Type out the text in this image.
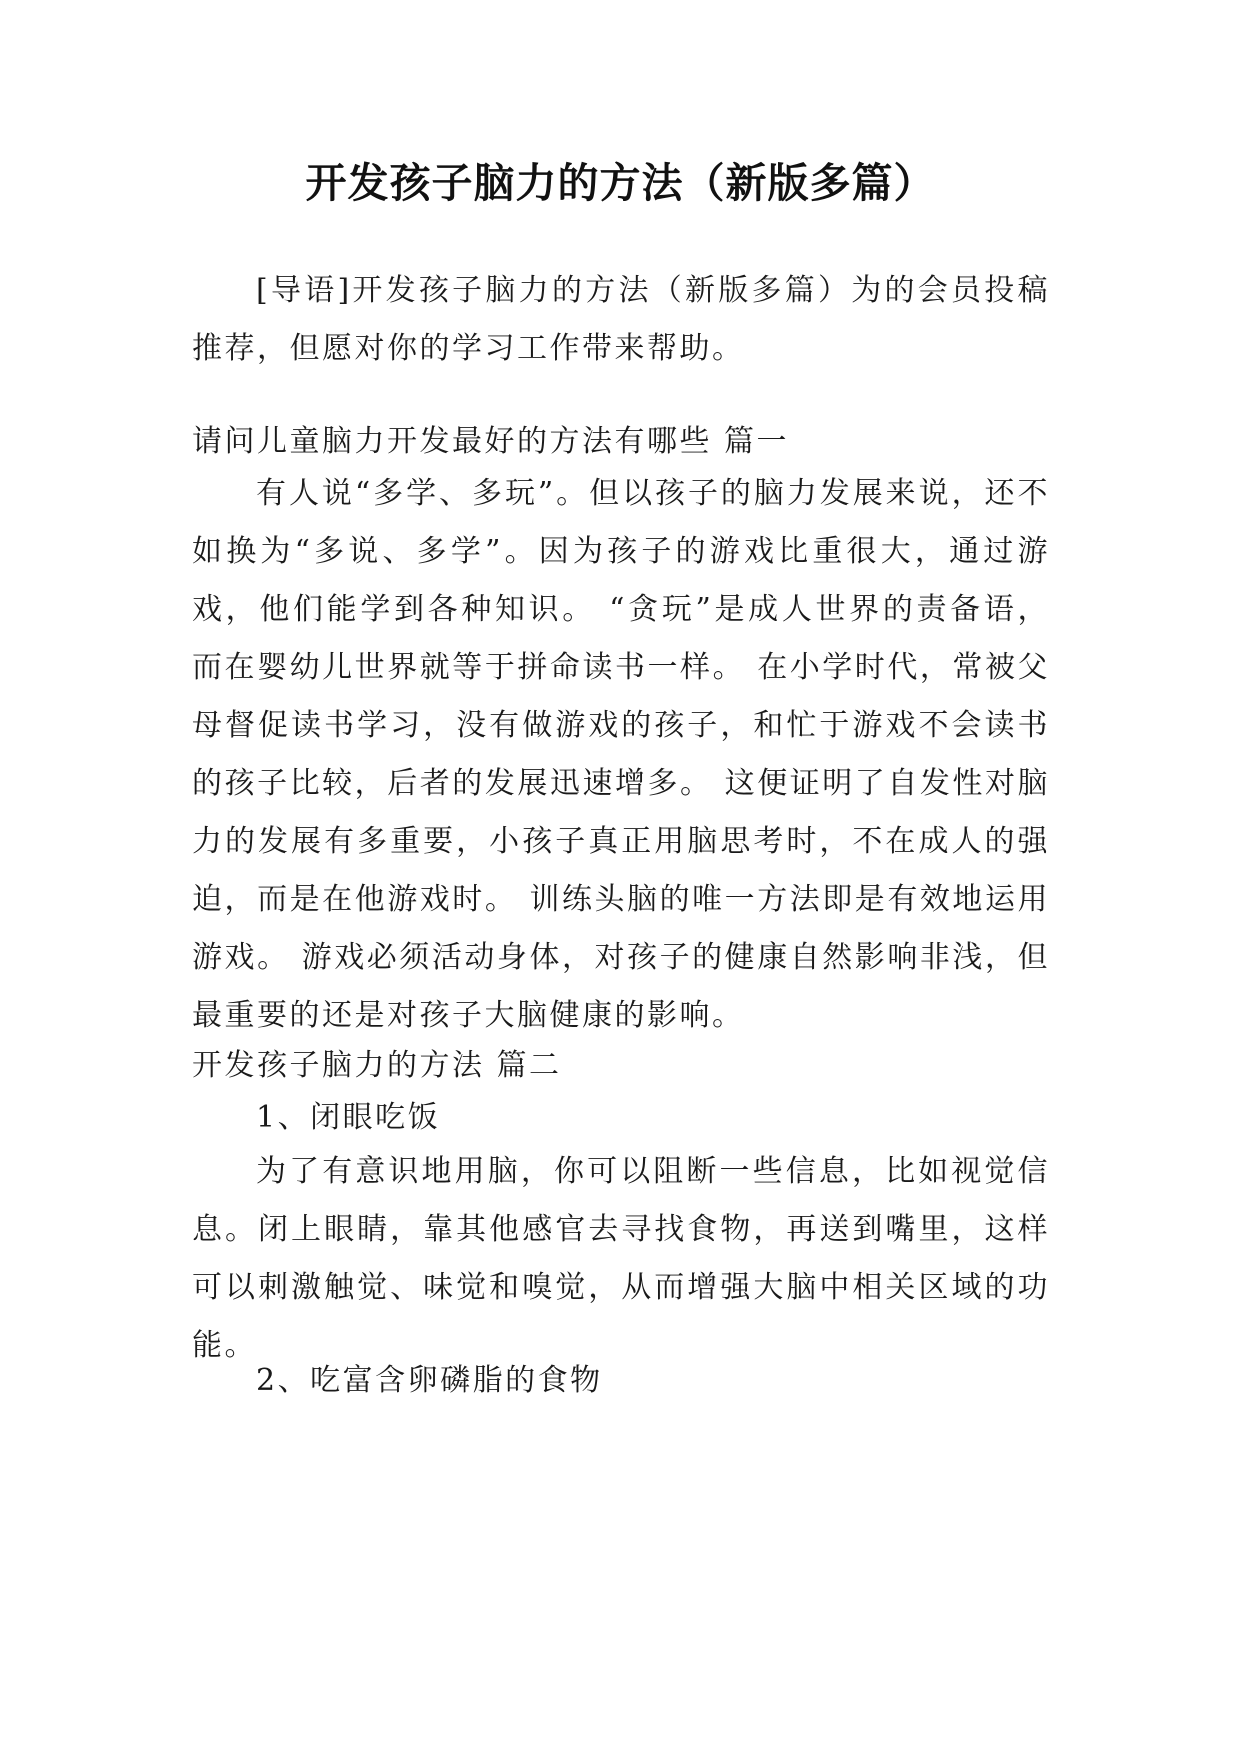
开发孩子脑力的方法（新版多篇）

[导语]开发孩子脑力的方法（新版多篇）为的会员投稿推荐，但愿对你的学习工作带来帮助。

请问儿童脑力开发最好的方法有哪些 篇一

有人说“多学、多玩”。但以孩子的脑力发展来说，还不如换为“多说、多学”。因为孩子的游戏比重很大，通过游戏，他们能学到各种知识。 “贪玩”是成人世界的责备语，而在婴幼儿世界就等于拼命读书一样。 在小学时代，常被父母督促读书学习，没有做游戏的孩子，和忙于游戏不会读书的孩子比较，后者的发展迅速增多。 这便证明了自发性对脑力的发展有多重要，小孩子真正用脑思考时，不在成人的强迫，而是在他游戏时。 训练头脑的唯一方法即是有效地运用游戏。 游戏必须活动身体，对孩子的健康自然影响非浅，但最重要的还是对孩子大脑健康的影响。

开发孩子脑力的方法 篇二

1、闭眼吃饭

为了有意识地用脑，你可以阻断一些信息，比如视觉信息。闭上眼睛，靠其他感官去寻找食物，再送到嘴里，这样可以刺激触觉、味觉和嗅觉，从而增强大脑中相关区域的功能。

2、吃富含卵磷脂的食物
